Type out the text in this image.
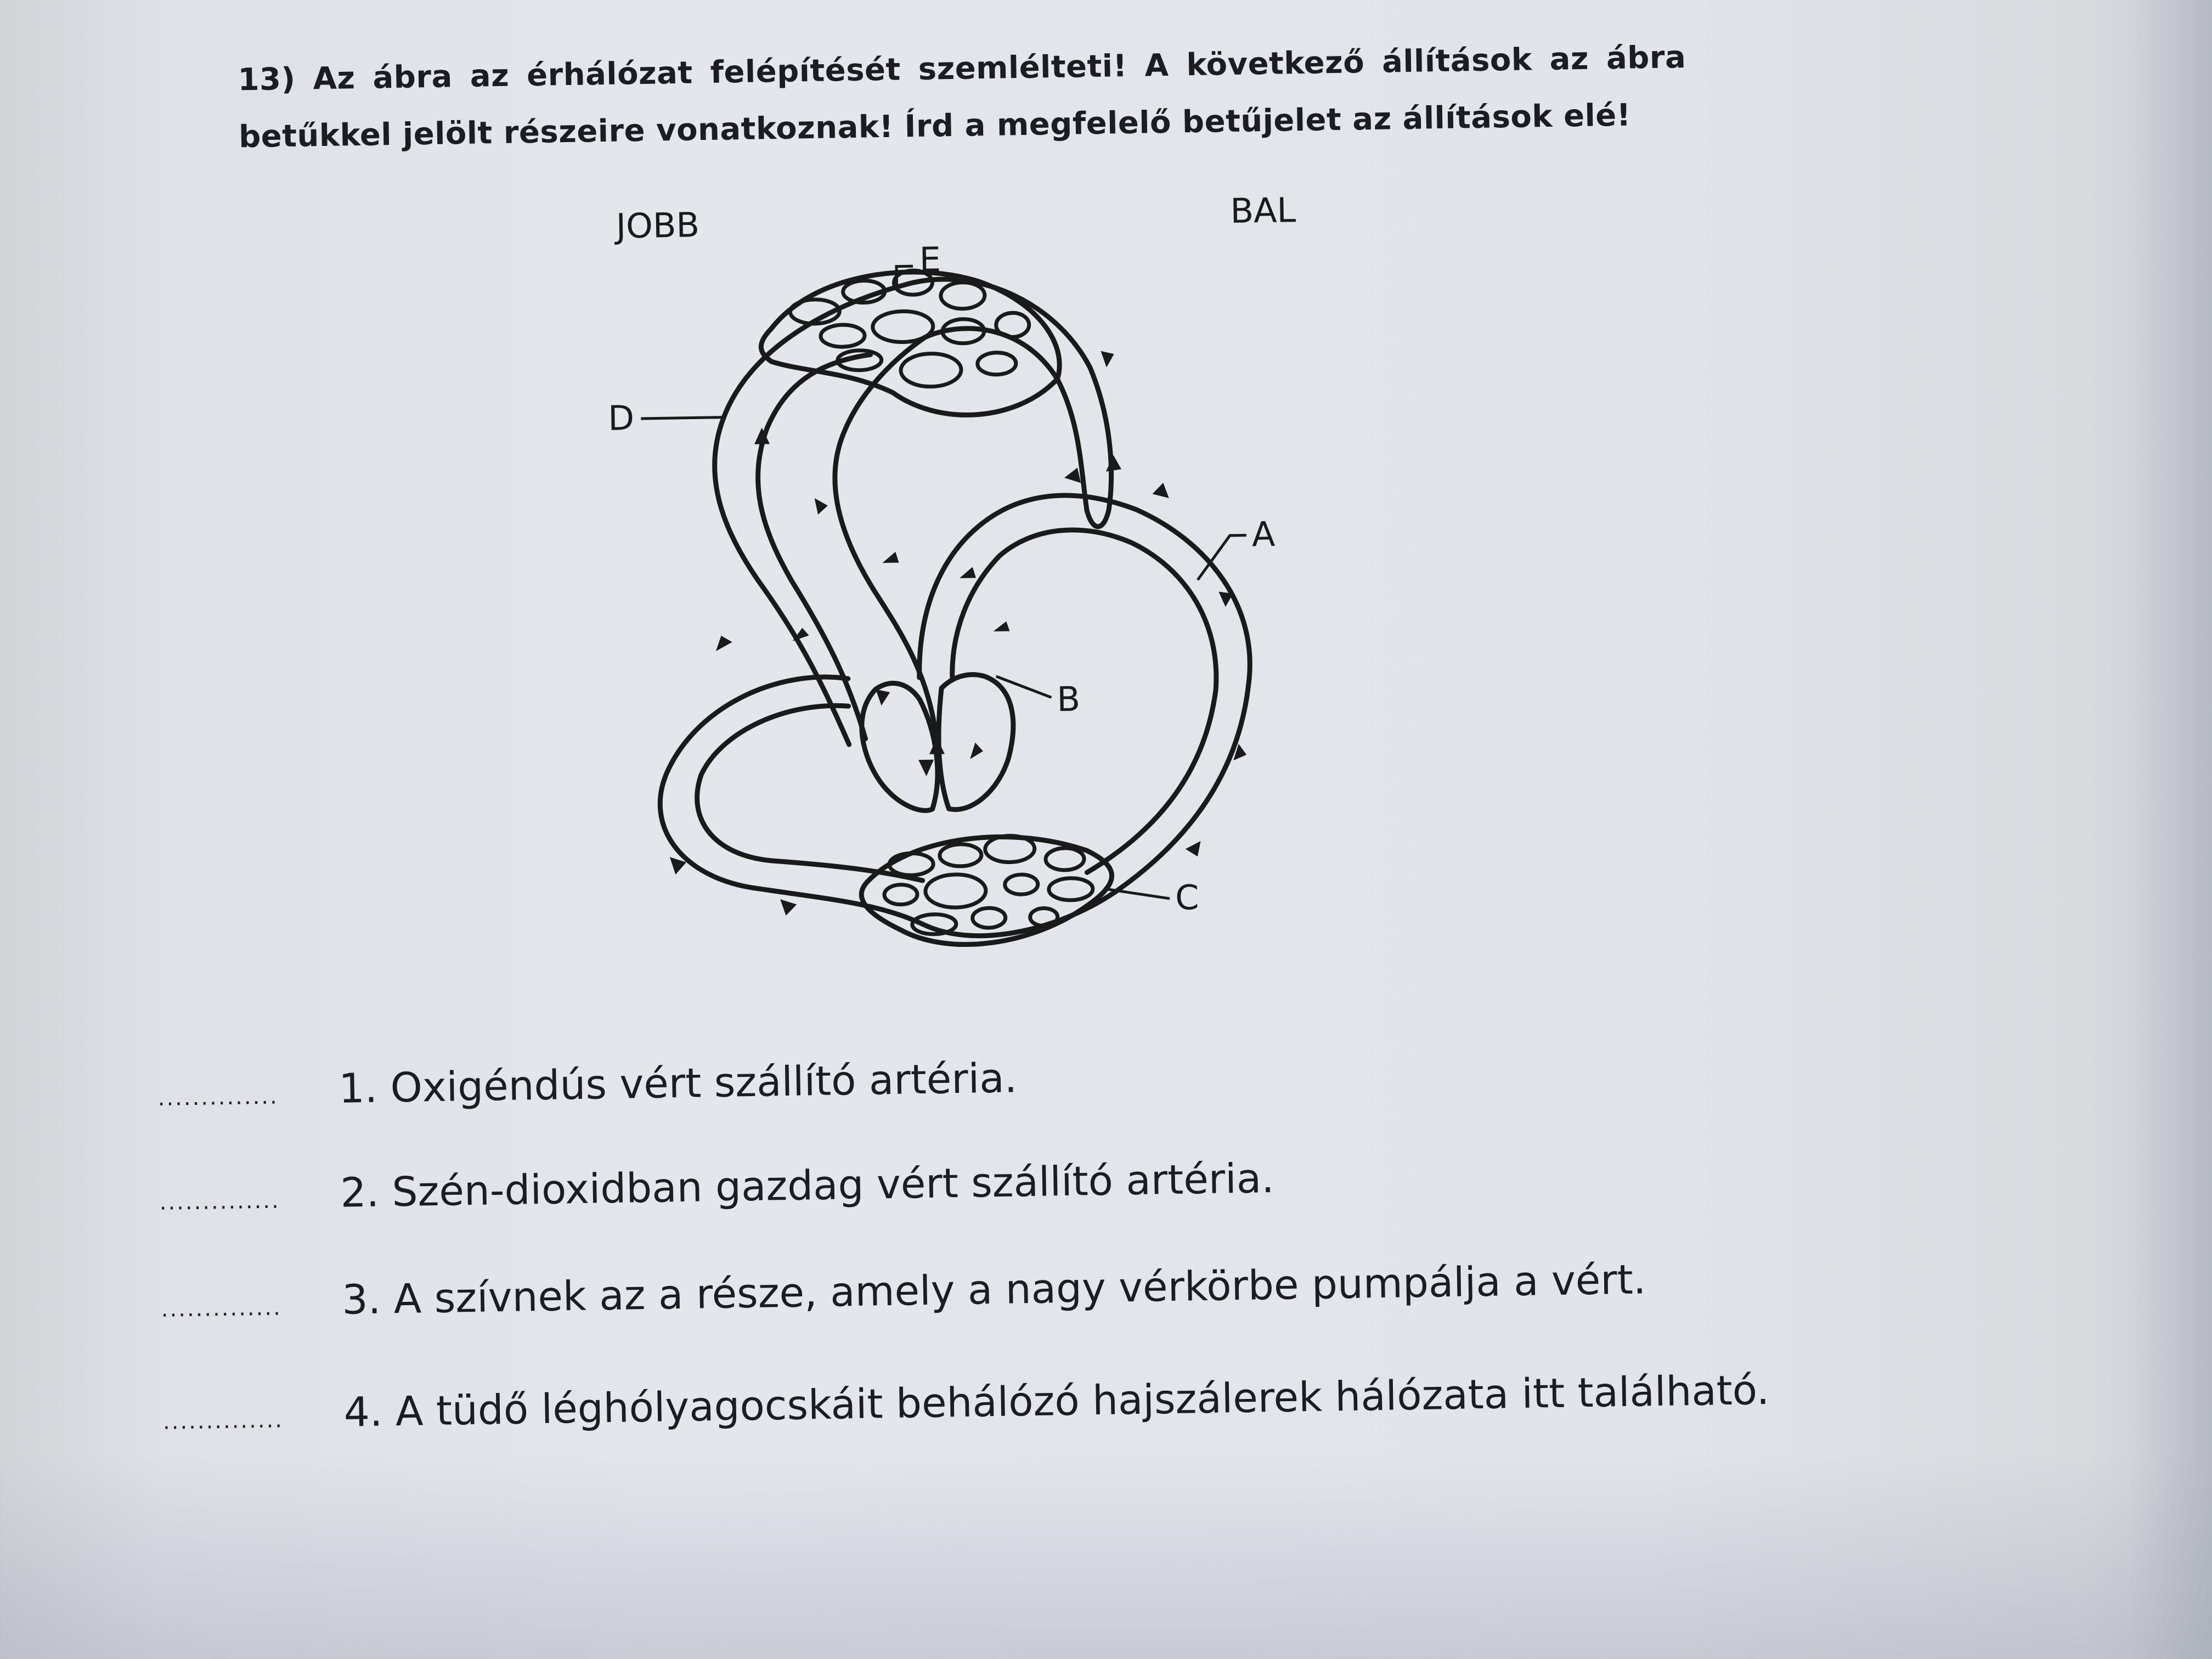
13) Az ábra az érhálózat felépítését szemlélteti! A következő állítások az ábra betűkkel jelölt részeire vonatkoznak! Írd a megfelelő betűjelet az állítások elé!
JOBB	BAL
E
D
A
B
C
.............. 1. Oxigéndús vért szállító artéria.
.............. 2. Szén-dioxidban gazdag vért szállító artéria.
.............. 3. A szívnek az a része, amely a nagy vérkörbe pumpálja a vért.
.............. 4. A tüdő léghólyagocskáit behálózó hajszálerek hálózata itt található.
